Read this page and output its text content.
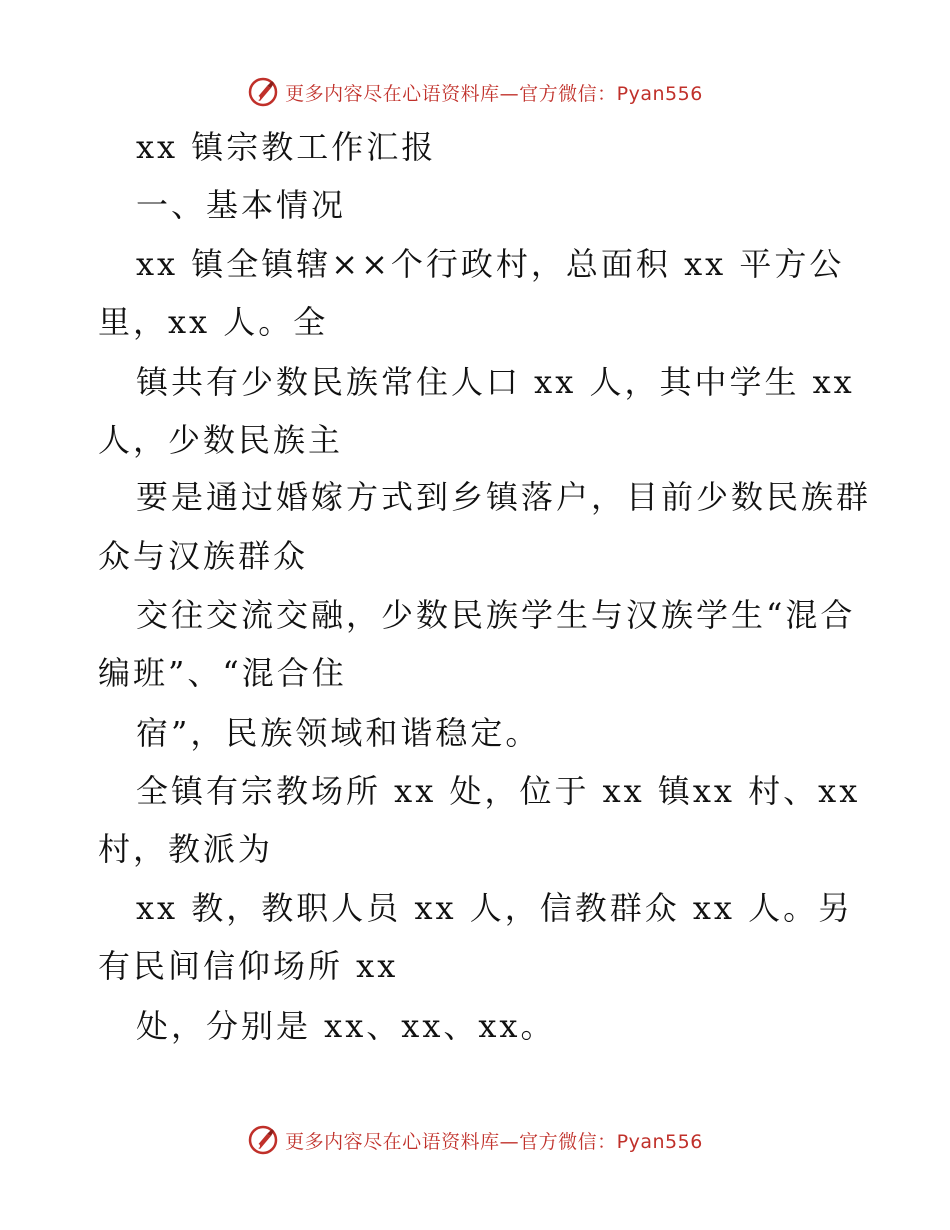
更多内容尽在心语资料库—官方微信：Pyan556
xx 镇宗教工作汇报
一、基本情况
xx 镇全镇辖××个行政村，总面积 xx 平方公
里，xx 人。全
镇共有少数民族常住人口 xx 人，其中学生 xx
人，少数民族主
要是通过婚嫁方式到乡镇落户，目前少数民族群
众与汉族群众
交往交流交融，少数民族学生与汉族学生“混合
编班”、“混合住
宿”，民族领域和谐稳定。
全镇有宗教场所 xx 处，位于 xx 镇xx 村、xx
村，教派为
xx 教，教职人员 xx 人，信教群众 xx 人。另
有民间信仰场所 xx
处，分别是 xx、xx、xx。
更多内容尽在心语资料库—官方微信：Pyan556
